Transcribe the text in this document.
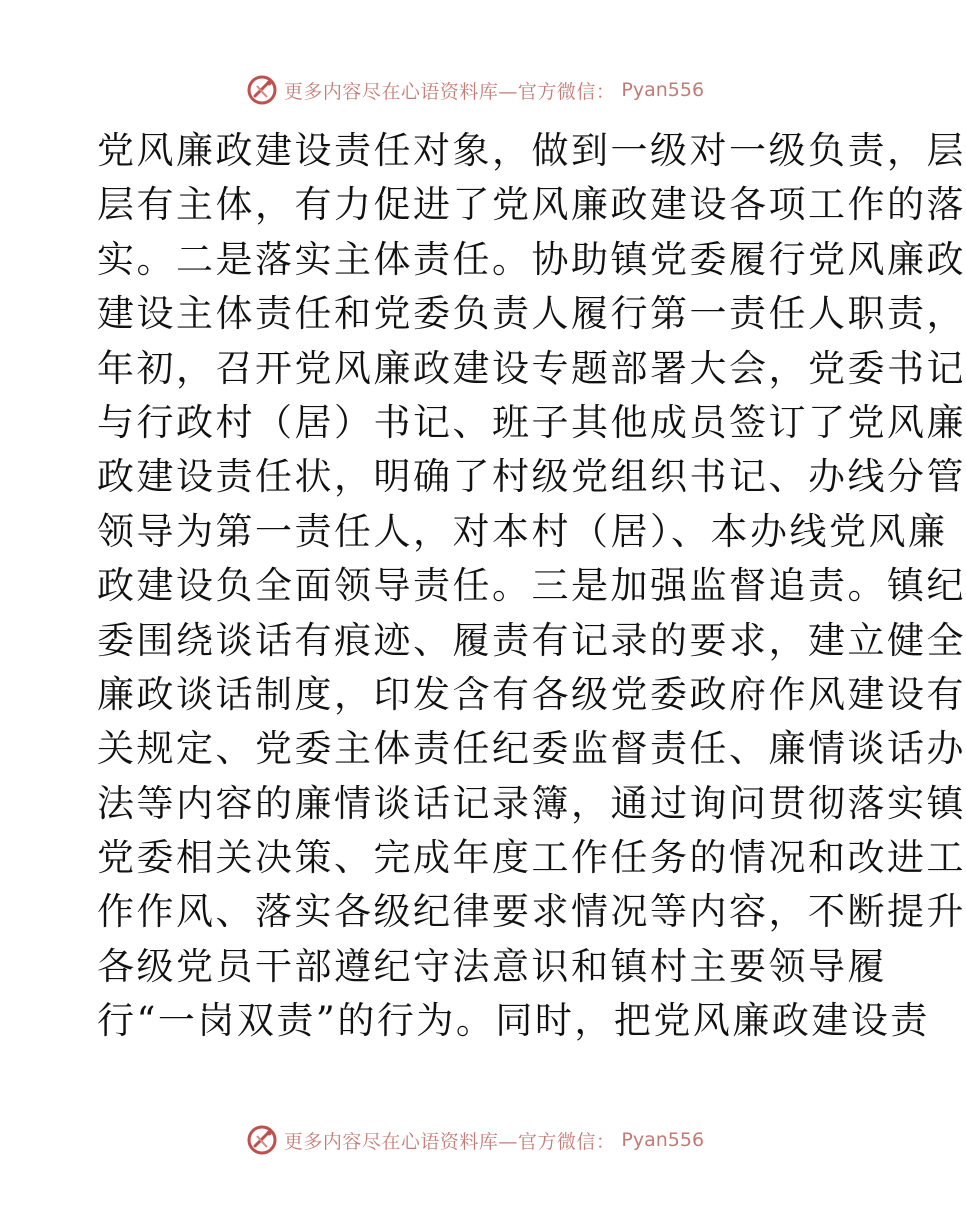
更多内容尽在心语资料库—官方微信： Pyan556
党风廉政建设责任对象，做到一级对一级负责，层
层有主体，有力促进了党风廉政建设各项工作的落
实。二是落实主体责任。协助镇党委履行党风廉政
建设主体责任和党委负责人履行第一责任人职责，
年初，召开党风廉政建设专题部署大会，党委书记
与行政村（居）书记、班子其他成员签订了党风廉
政建设责任状，明确了村级党组织书记、办线分管
领导为第一责任人，对本村（居）、本办线党风廉
政建设负全面领导责任。三是加强监督追责。镇纪
委围绕谈话有痕迹、履责有记录的要求，建立健全
廉政谈话制度，印发含有各级党委政府作风建设有
关规定、党委主体责任纪委监督责任、廉情谈话办
法等内容的廉情谈话记录簿，通过询问贯彻落实镇
党委相关决策、完成年度工作任务的情况和改进工
作作风、落实各级纪律要求情况等内容，不断提升
各级党员干部遵纪守法意识和镇村主要领导履
行“一岗双责”的行为。同时，把党风廉政建设责
更多内容尽在心语资料库—官方微信： Pyan556
